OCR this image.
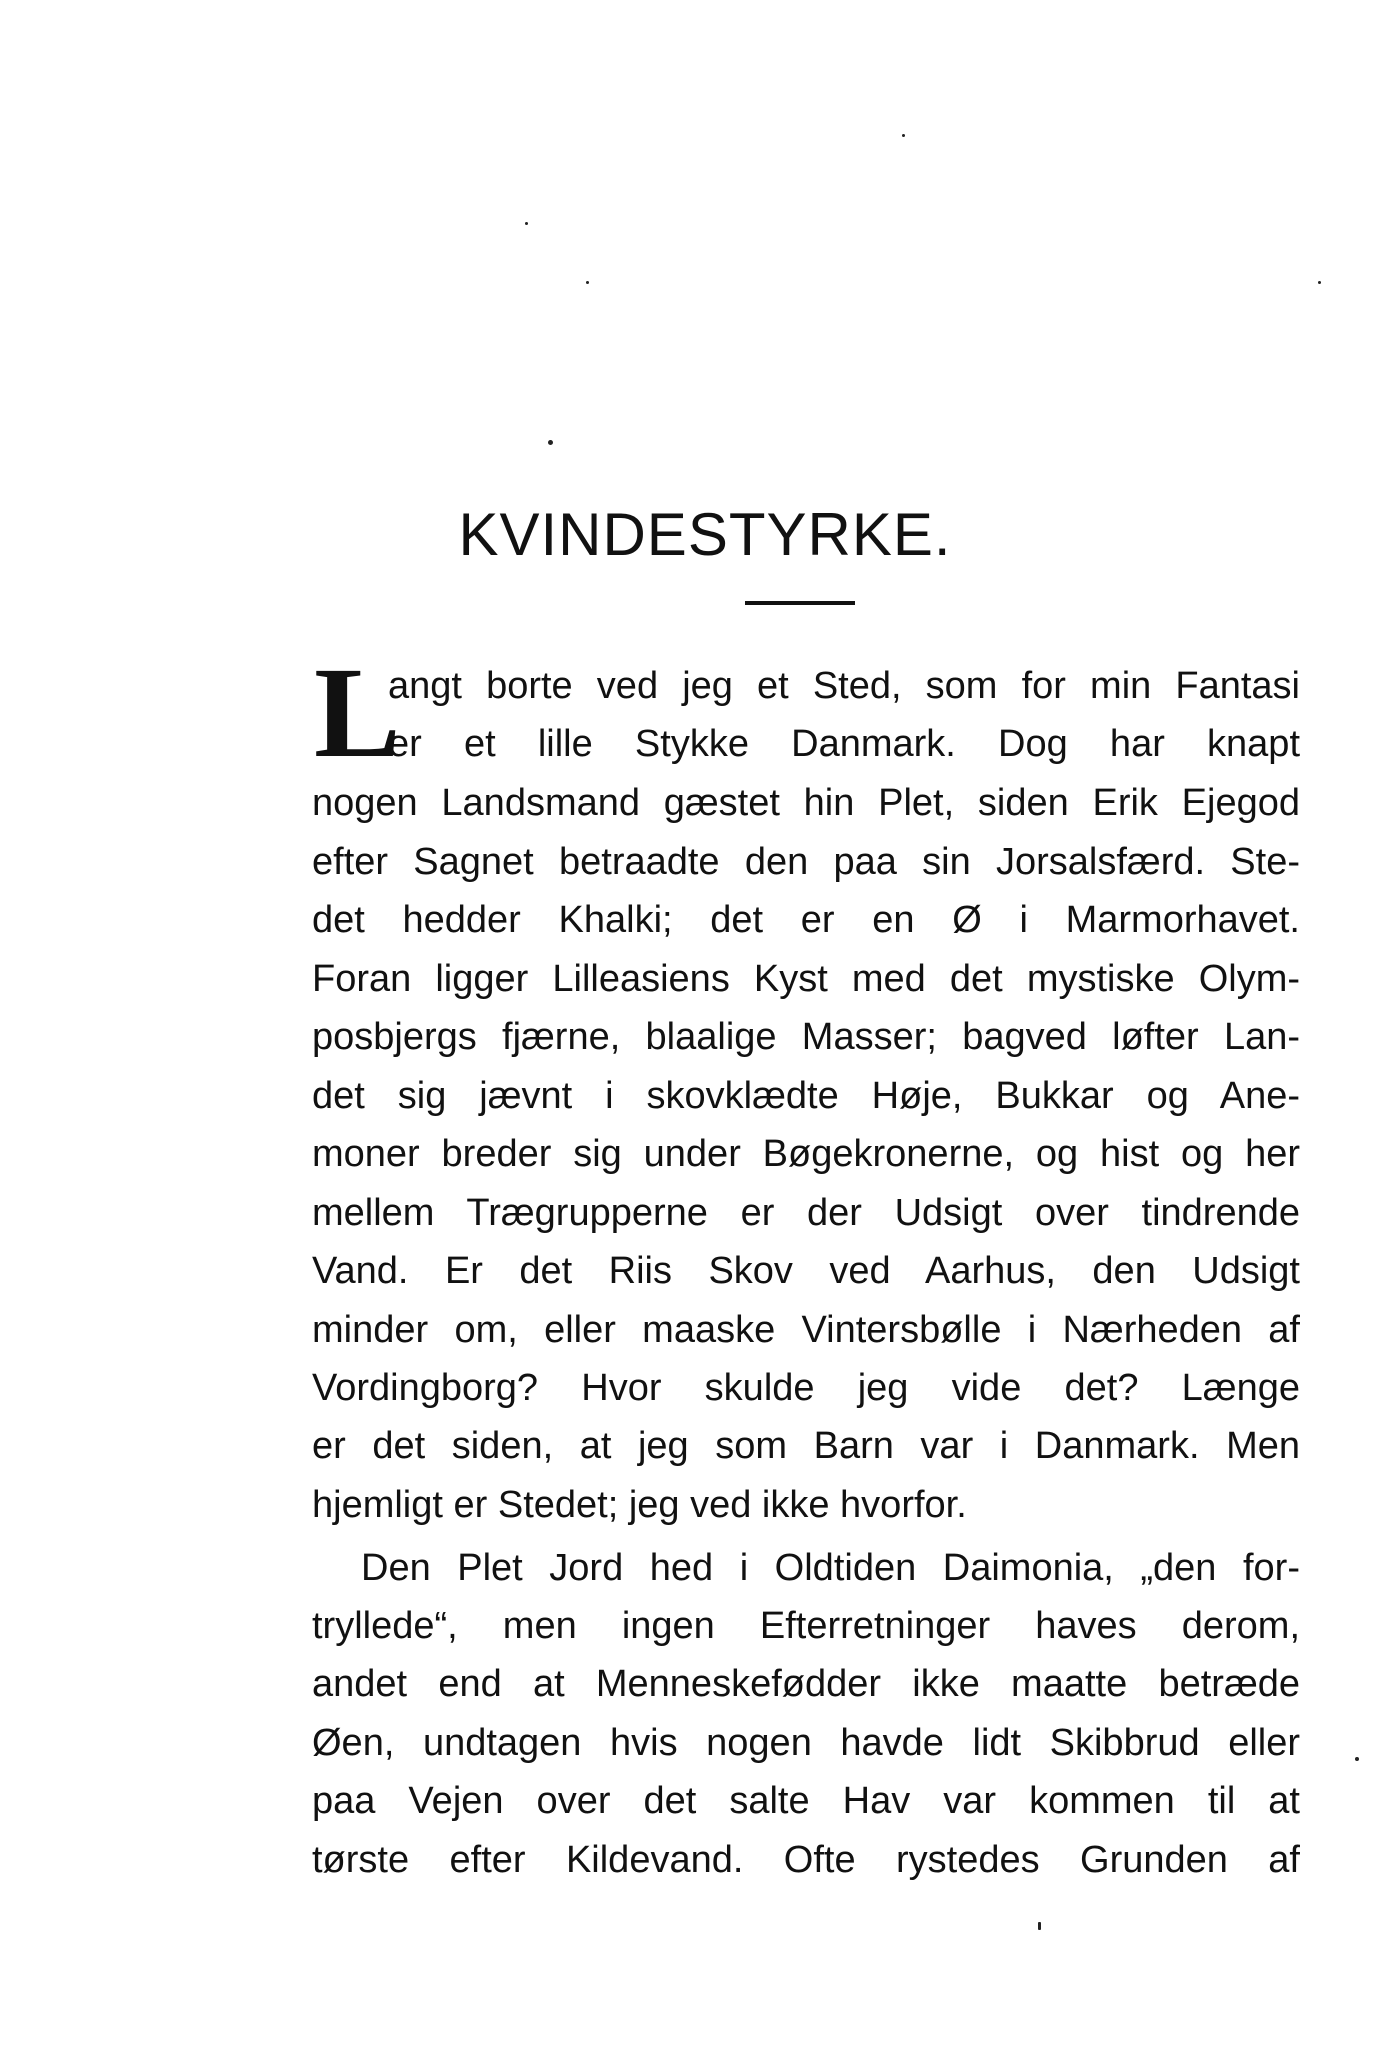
KVINDESTYRKE.
L
angt borte ved jeg et Sted, som for min Fantasi
er et lille Stykke Danmark. Dog har knapt
nogen Landsmand gæstet hin Plet, siden Erik Ejegod
efter Sagnet betraadte den paa sin Jorsalsfærd. Ste-
det hedder Khalki; det er en Ø i Marmorhavet.
Foran ligger Lilleasiens Kyst med det mystiske Olym-
posbjergs fjærne, blaalige Masser; bagved løfter Lan-
det sig jævnt i skovklædte Høje, Bukkar og Ane-
moner breder sig under Bøgekronerne, og hist og her
mellem Trægrupperne er der Udsigt over tindrende
Vand. Er det Riis Skov ved Aarhus, den Udsigt
minder om, eller maaske Vintersbølle i Nærheden af
Vordingborg? Hvor skulde jeg vide det? Længe
er det siden, at jeg som Barn var i Danmark. Men
hjemligt er Stedet; jeg ved ikke hvorfor.
Den Plet Jord hed i Oldtiden Daimonia, „den for-
tryllede“, men ingen Efterretninger haves derom,
andet end at Menneskefødder ikke maatte betræde
Øen, undtagen hvis nogen havde lidt Skibbrud eller
paa Vejen over det salte Hav var kommen til at
tørste efter Kildevand. Ofte rystedes Grunden af
